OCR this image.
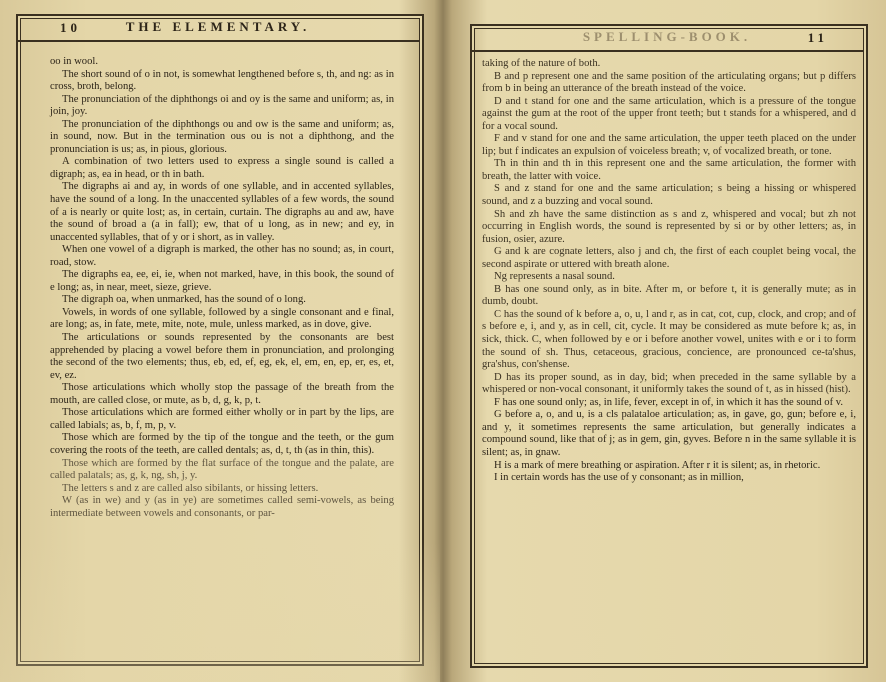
10	THE ELEMENTARY.

oo in wool.

The short sound of o in not, is somewhat lengthened before s, th, and ng: as in cross, broth, belong.

The pronunciation of the diphthongs oi and oy is the same and uniform; as, in join, joy.

The pronunciation of the diphthongs ou and ow is the same and uniform; as, in sound, now. But in the termination ous ou is not a diphthong, and the pronunciation is us; as, in pious, glorious.

A combination of two letters used to express a single sound is called a digraph; as, ea in head, or th in bath.

The digraphs ai and ay, in words of one syllable, and in accented syllables, have the sound of a long. In the unaccented syllables of a few words, the sound of a is nearly or quite lost; as, in certain, curtain. The digraphs au and aw, have the sound of broad a (a in fall); ew, that of u long, as in new; and ey, in unaccented syllables, that of y or i short, as in valley.

When one vowel of a digraph is marked, the other has no sound; as, in court, road, stow.

The digraphs ea, ee, ei, ie, when not marked, have, in this book, the sound of e long; as, in near, meet, sieze, grieve.

The digraph oa, when unmarked, has the sound of o long.

Vowels, in words of one syllable, followed by a single consonant and e final, are long; as, in fate, mete, mite, note, mule, unless marked, as in dove, give.

The articulations or sounds represented by the consonants are best apprehended by placing a vowel before them in pronunciation, and prolonging the second of the two elements; thus, eb, ed, ef, eg, ek, el, em, en, ep, er, es, et, ev, ez.

Those articulations which wholly stop the passage of the breath from the mouth, are called close, or mute, as b, d, g, k, p, t.

Those articulations which are formed either wholly or in part by the lips, are called labials; as, b, f, m, p, v.

Those which are formed by the tip of the tongue and the teeth, or the gum covering the roots of the teeth, are called dentals; as, d, t, th (as in thin, this).

Those which are formed by the flat surface of the tongue and the palate, are called palatals; as, g, k, ng, sh, j, y.

The letters s and z are called also sibilants, or hissing letters.

W (as in we) and y (as in ye) are sometimes called semi-vowels, as being intermediate between vowels and consonants, or par-

SPELLING-BOOK.	11

taking of the nature of both.

B and p represent one and the same position of the articulating organs; but p differs from b in being an utterance of the breath instead of the voice.

D and t stand for one and the same articulation, which is a pressure of the tongue against the gum at the root of the upper front teeth; but t stands for a whispered, and d for a vocal sound.

F and v stand for one and the same articulation, the upper teeth placed on the under lip; but f indicates an expulsion of voiceless breath; v, of vocalized breath, or tone.

Th in thin and th in this represent one and the same articulation, the former with breath, the latter with voice.

S and z stand for one and the same articulation; s being a hissing or whispered sound, and z a buzzing and vocal sound.

Sh and zh have the same distinction as s and z, whispered and vocal; but zh not occurring in English words, the sound is represented by si or by other letters; as, in fusion, osier, azure.

G and k are cognate letters, also j and ch, the first of each couplet being vocal, the second aspirate or uttered with breath alone.

Ng represents a nasal sound.

B has one sound only, as in bite. After m, or before t, it is generally mute; as in dumb, doubt.

C has the sound of k before a, o, u, l and r, as in cat, cot, cup, clock, and crop; and of s before e, i, and y, as in cell, cit, cycle. It may be considered as mute before k; as, in sick, thick. C, when followed by e or i before another vowel, unites with e or i to form the sound of sh. Thus, cetaceous, gracious, concience, are pronounced ce-ta'shus, gra'shus, con'shense.

D has its proper sound, as in day, bid; when preceded in the same syllable by a whispered or non-vocal consonant, it uniformly takes the sound of t, as in hissed (hist).

F has one sound only; as, in life, fever, except in of, in which it has the sound of v.

G before a, o, and u, is a cls palataloe articulation; as, in gave, go, gun; before e, i, and y, it sometimes represents the same articulation, but generally indicates a compound sound, like that of j; as in gem, gin, gyves. Before n in the same syllable it is silent; as, in gnaw.

H is a mark of mere breathing or aspiration. After r it is silent; as, in rhetoric.

I in certain words has the use of y consonant; as in million,
